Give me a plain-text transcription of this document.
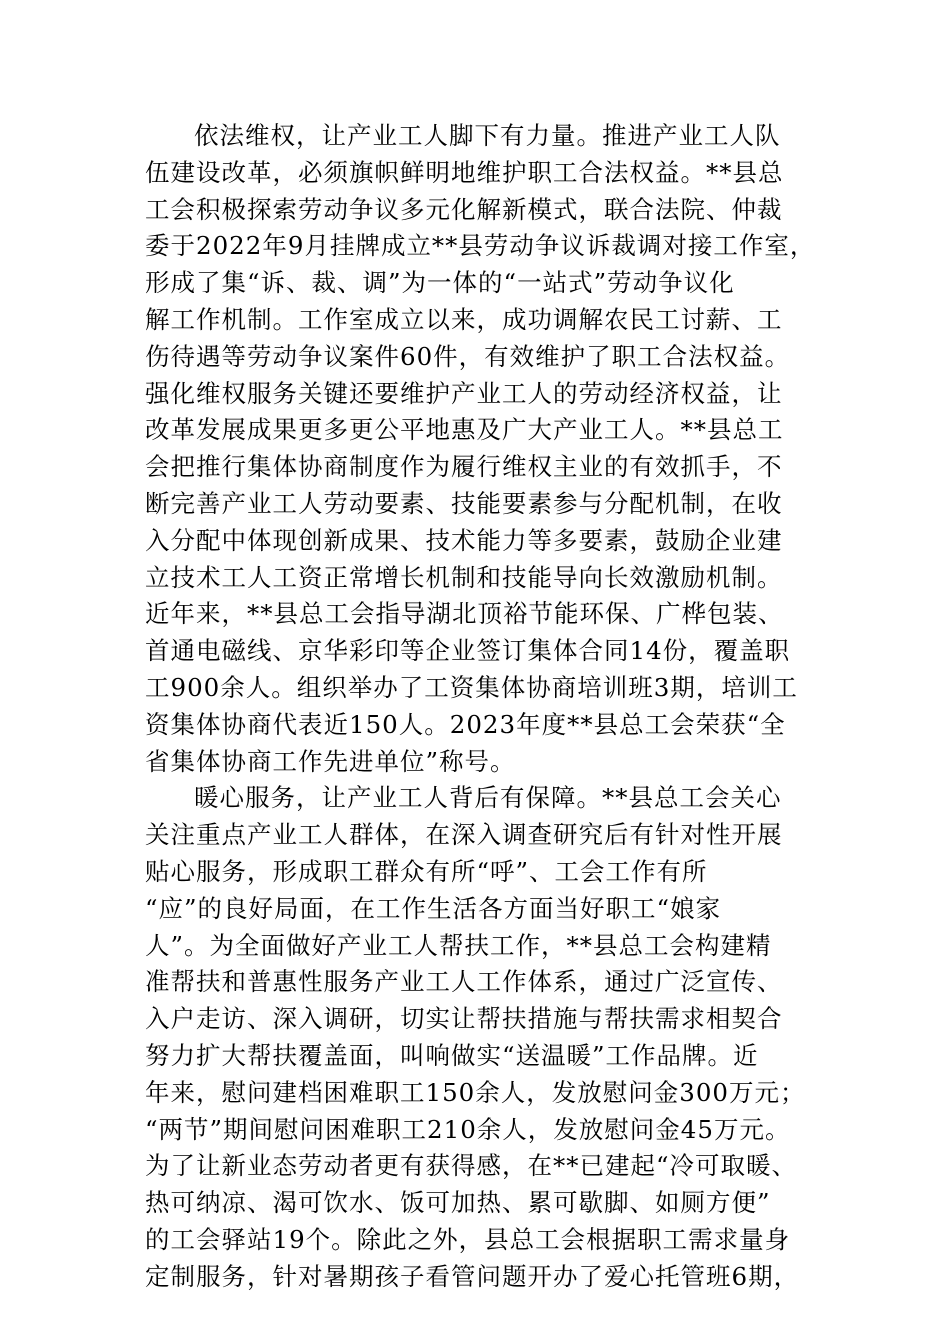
依法维权，让产业工人脚下有力量。推进产业工人队
伍建设改革，必须旗帜鲜明地维护职工合法权益。**县总
工会积极探索劳动争议多元化解新模式，联合法院、仲裁
委于2022年9月挂牌成立**县劳动争议诉裁调对接工作室，
形成了集“诉、裁、调”为一体的“一站式”劳动争议化
解工作机制。工作室成立以来，成功调解农民工讨薪、工
伤待遇等劳动争议案件60件，有效维护了职工合法权益。
强化维权服务关键还要维护产业工人的劳动经济权益，让
改革发展成果更多更公平地惠及广大产业工人。**县总工
会把推行集体协商制度作为履行维权主业的有效抓手，不
断完善产业工人劳动要素、技能要素参与分配机制，在收
入分配中体现创新成果、技术能力等多要素，鼓励企业建
立技术工人工资正常增长机制和技能导向长效激励机制。
近年来，**县总工会指导湖北顶裕节能环保、广桦包装、
首通电磁线、京华彩印等企业签订集体合同14份，覆盖职
工900余人。组织举办了工资集体协商培训班3期，培训工
资集体协商代表近150人。2023年度**县总工会荣获“全
省集体协商工作先进单位”称号。
暖心服务，让产业工人背后有保障。**县总工会关心
关注重点产业工人群体，在深入调查研究后有针对性开展
贴心服务，形成职工群众有所“呼”、工会工作有所
“应”的良好局面，在工作生活各方面当好职工“娘家
人”。为全面做好产业工人帮扶工作，**县总工会构建精
准帮扶和普惠性服务产业工人工作体系，通过广泛宣传、
入户走访、深入调研，切实让帮扶措施与帮扶需求相契合
努力扩大帮扶覆盖面，叫响做实“送温暖”工作品牌。近
年来，慰问建档困难职工150余人，发放慰问金300万元；
“两节”期间慰问困难职工210余人，发放慰问金45万元。
为了让新业态劳动者更有获得感，在**已建起“冷可取暖、
热可纳凉、渴可饮水、饭可加热、累可歇脚、如厕方便”
的工会驿站19个。除此之外，县总工会根据职工需求量身
定制服务，针对暑期孩子看管问题开办了爱心托管班6期，
